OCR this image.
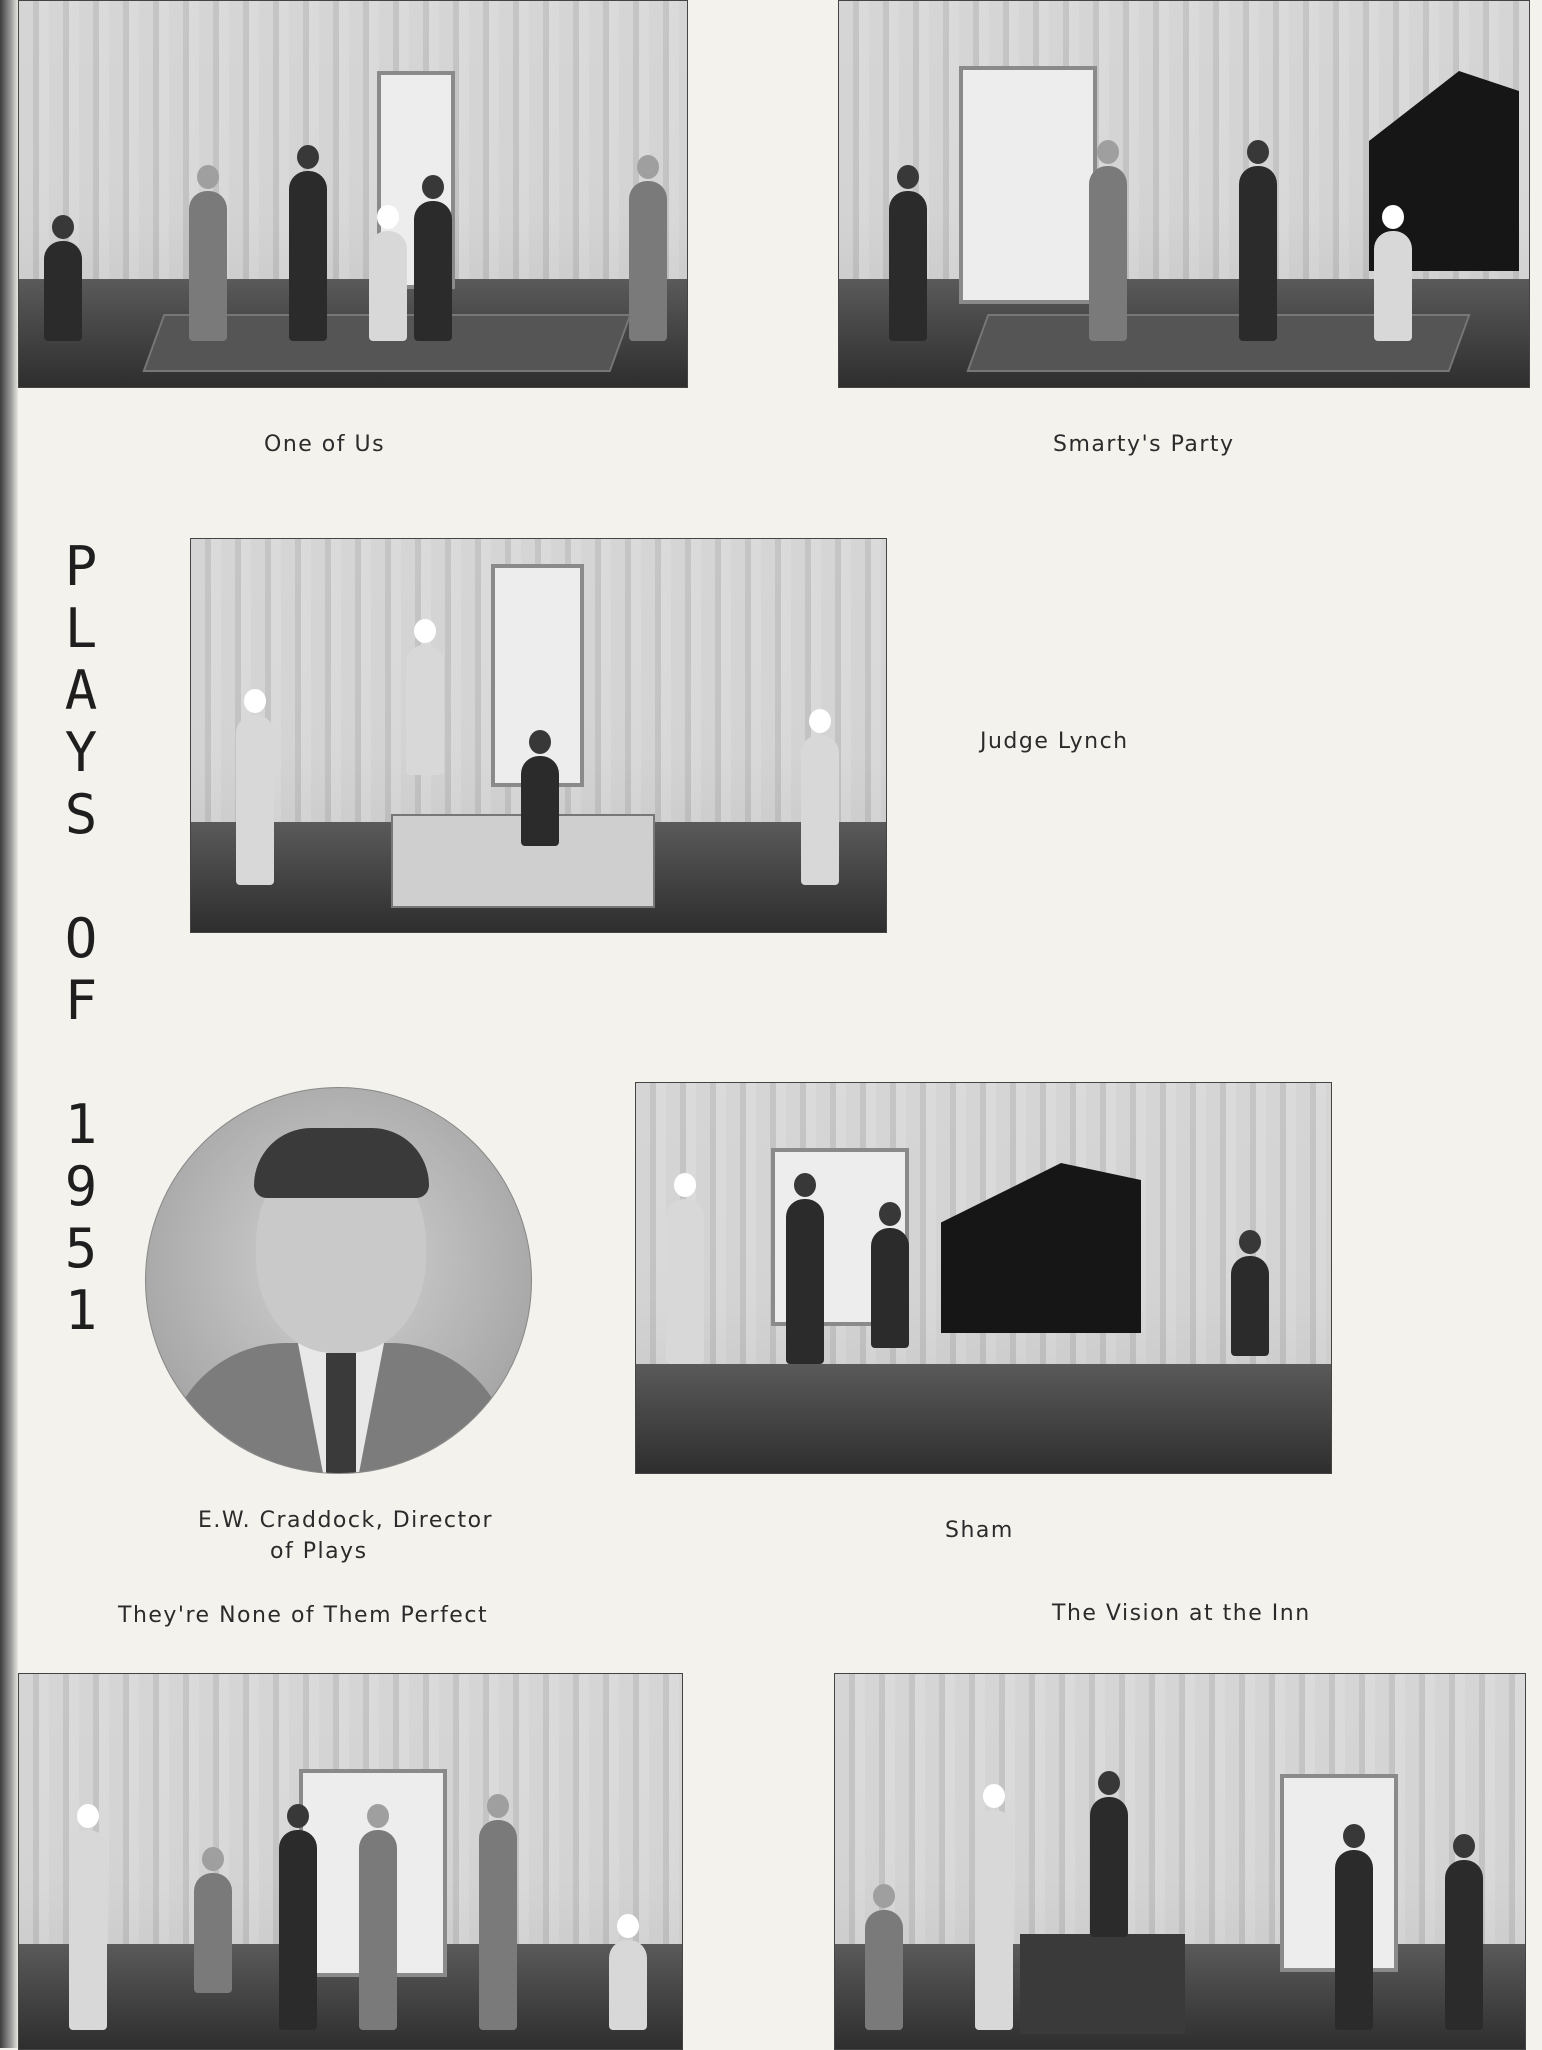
One of Us	Smarty's Party
P
L
A
Y
S
O
F
1
9
5
1
Judge Lynch
E.W. Craddock, Director
of Plays
Sham
They're None of Them Perfect	The Vision at the Inn
